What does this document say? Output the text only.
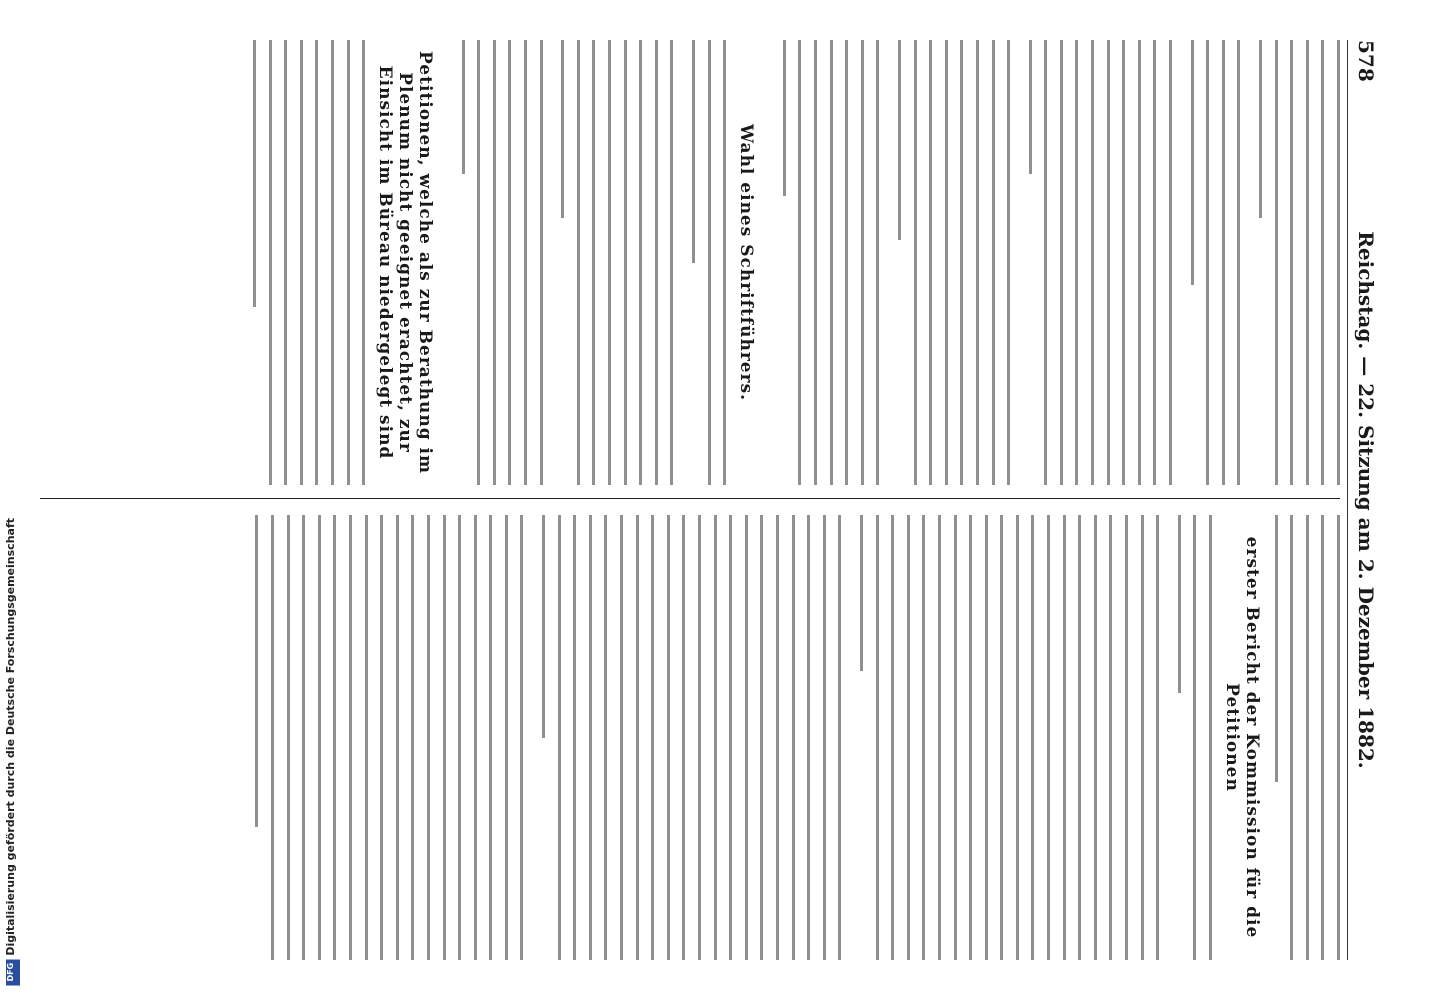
578
Reichstag. — 22. Sitzung am 2. Dezember 1882.
Wahl eines Schriftführers.
Petitionen, welche als zur Berathung im Plenum nicht geeignet erachtet, zur Einsicht im Büreau niedergelegt sind
erster Bericht der Kommission für die Petitionen
DFG Digitalisierung gefördert durch die Deutsche Forschungsgemeinschaft
